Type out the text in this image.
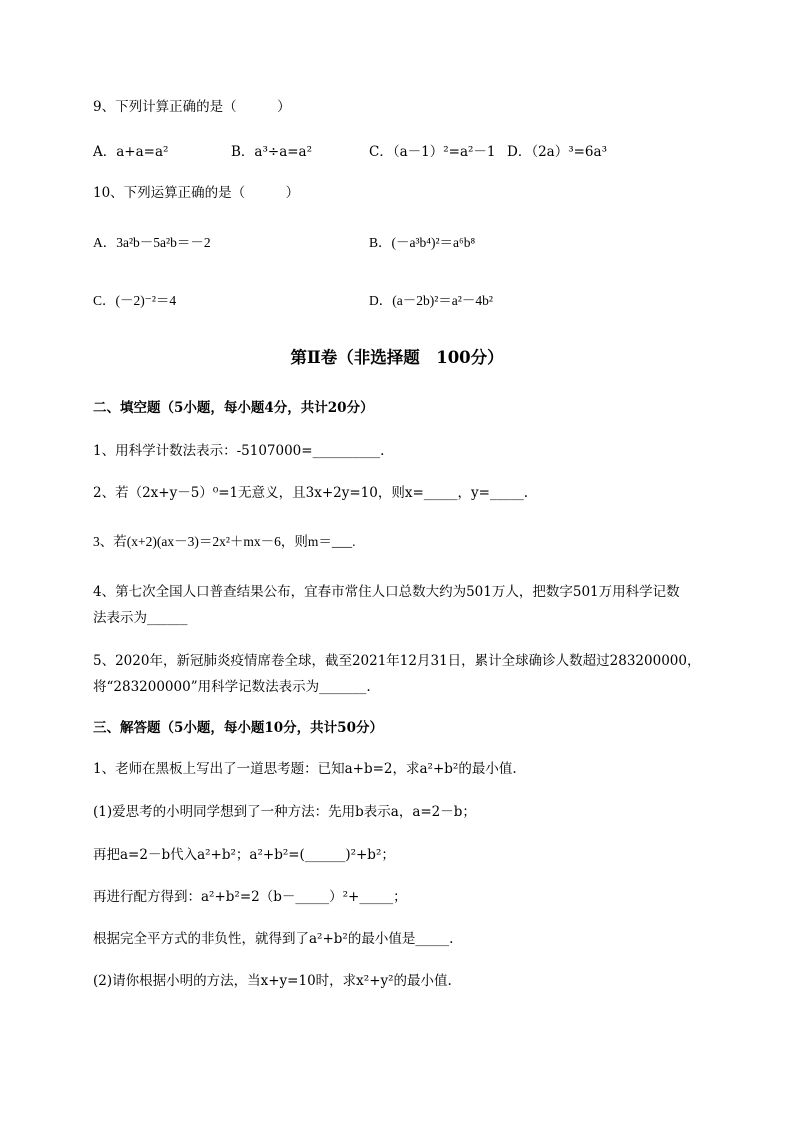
9、下列计算正确的是（　　　）
A．a+a=a²	B．a³÷a=a²	C．（a－1）²=a²－1 D．（2a）³=6a³
10、下列运算正确的是（　　　）
A．3a²b－5a²b＝－2	B．(－a³b⁴)²＝a⁶b⁸
C．(－2)⁻²＝4	D．(a－2b)²＝a²－4b²
第Ⅱ卷（非选择题　100分）
二、填空题（5小题，每小题4分，共计20分）
1、用科学计数法表示：-5107000=__________.
2、若（2x+y－5）⁰=1无意义，且3x+2y=10，则x=_____，y=_____.
3、若(x+2)(ax－3)＝2x²＋mx－6，则m＝___.
4、第七次全国人口普查结果公布，宜春市常住人口总数大约为501万人，把数字501万用科学记数
法表示为______
5、2020年，新冠肺炎疫情席卷全球，截至2021年12月31日，累计全球确诊人数超过283200000，
将“283200000”用科学记数法表示为_______.
三、解答题（5小题，每小题10分，共计50分）
1、老师在黑板上写出了一道思考题：已知a+b=2，求a²+b²的最小值.
(1)爱思考的小明同学想到了一种方法：先用b表示a，a=2－b；
再把a=2－b代入a²+b²；a²+b²=(______)²+b²；
再进行配方得到：a²+b²=2（b－_____）²+_____；
根据完全平方式的非负性，就得到了a²+b²的最小值是_____.
(2)请你根据小明的方法，当x+y=10时，求x²+y²的最小值.
